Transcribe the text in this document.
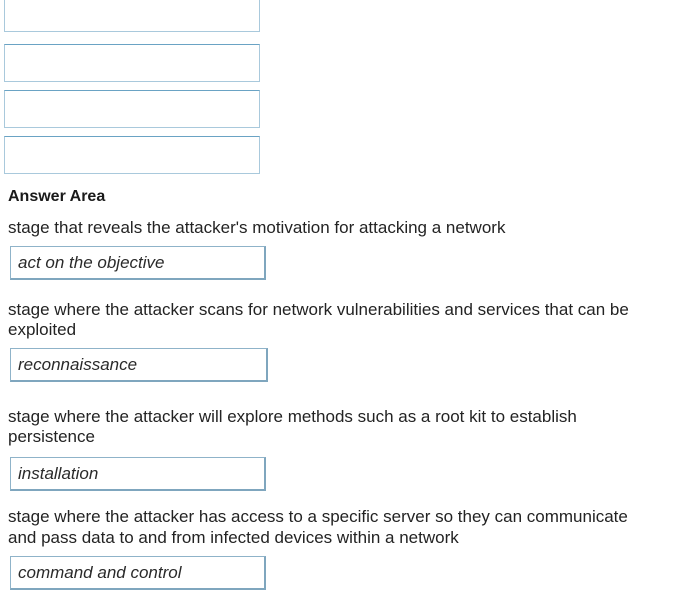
Answer Area
stage that reveals the attacker's motivation for attacking a network
act on the objective
stage where the attacker scans for network vulnerabilities and services that can be
exploited
reconnaissance
stage where the attacker will explore methods such as a root kit to establish
persistence
installation
stage where the attacker has access to a specific server so they can communicate
and pass data to and from infected devices within a network
command and control
